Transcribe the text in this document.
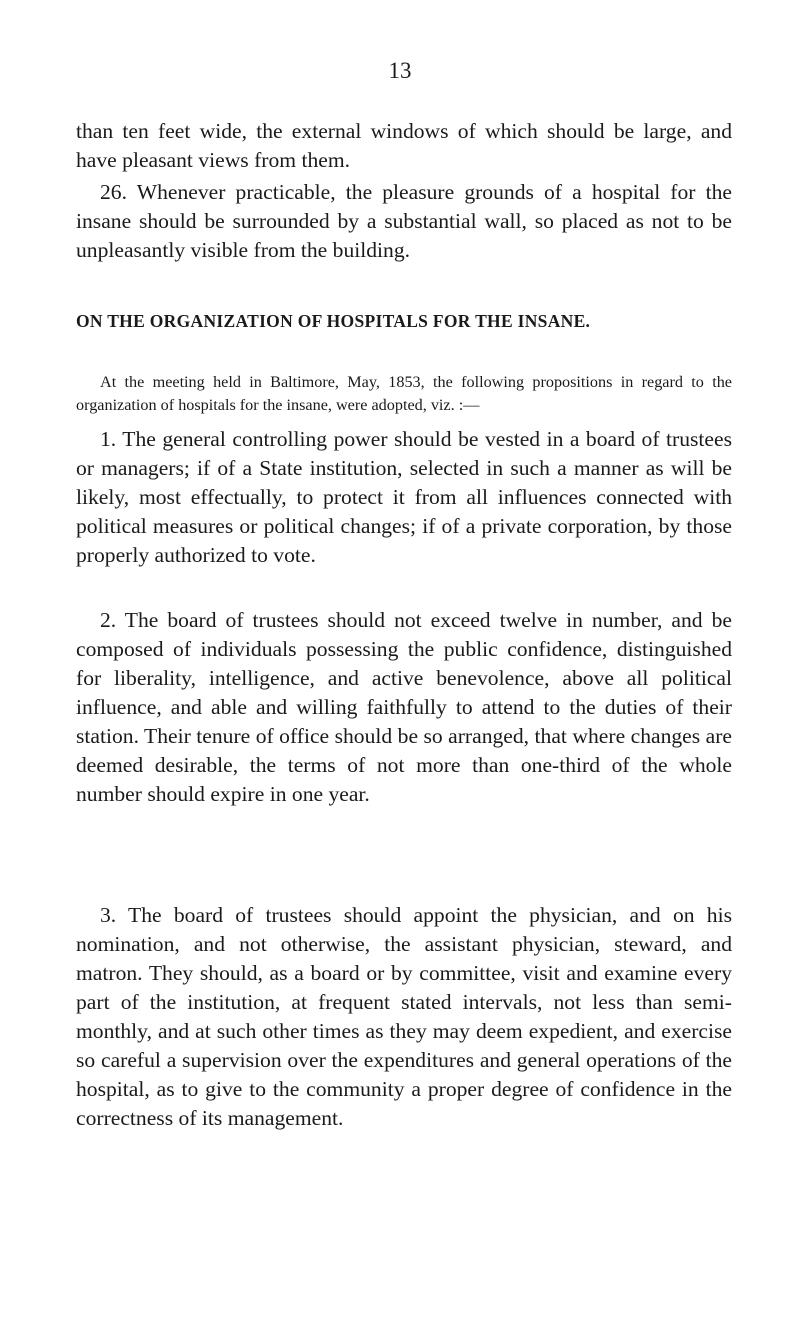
13

than ten feet wide, the external windows of which should be large, and have pleasant views from them.

26. Whenever practicable, the pleasure grounds of a hospital for the insane should be surrounded by a substantial wall, so placed as not to be unpleasantly visible from the building.

ON THE ORGANIZATION OF HOSPITALS FOR THE INSANE.

At the meeting held in Baltimore, May, 1853, the following propositions in regard to the organization of hospitals for the insane, were adopted, viz. :—

1. The general controlling power should be vested in a board of trustees or managers; if of a State institution, selected in such a manner as will be likely, most effectually, to protect it from all influences connected with political measures or political changes; if of a private corporation, by those properly authorized to vote.

2. The board of trustees should not exceed twelve in number, and be composed of individuals possessing the public confidence, distinguished for liberality, intelligence, and active benevolence, above all political influence, and able and willing faithfully to attend to the duties of their station. Their tenure of office should be so arranged, that where changes are deemed desirable, the terms of not more than one-third of the whole number should expire in one year.

3. The board of trustees should appoint the physician, and on his nomination, and not otherwise, the assistant physician, steward, and matron. They should, as a board or by committee, visit and examine every part of the institution, at frequent stated intervals, not less than semi-monthly, and at such other times as they may deem expedient, and exercise so careful a supervision over the expenditures and general operations of the hospital, as to give to the community a proper degree of confidence in the correctness of its management.
